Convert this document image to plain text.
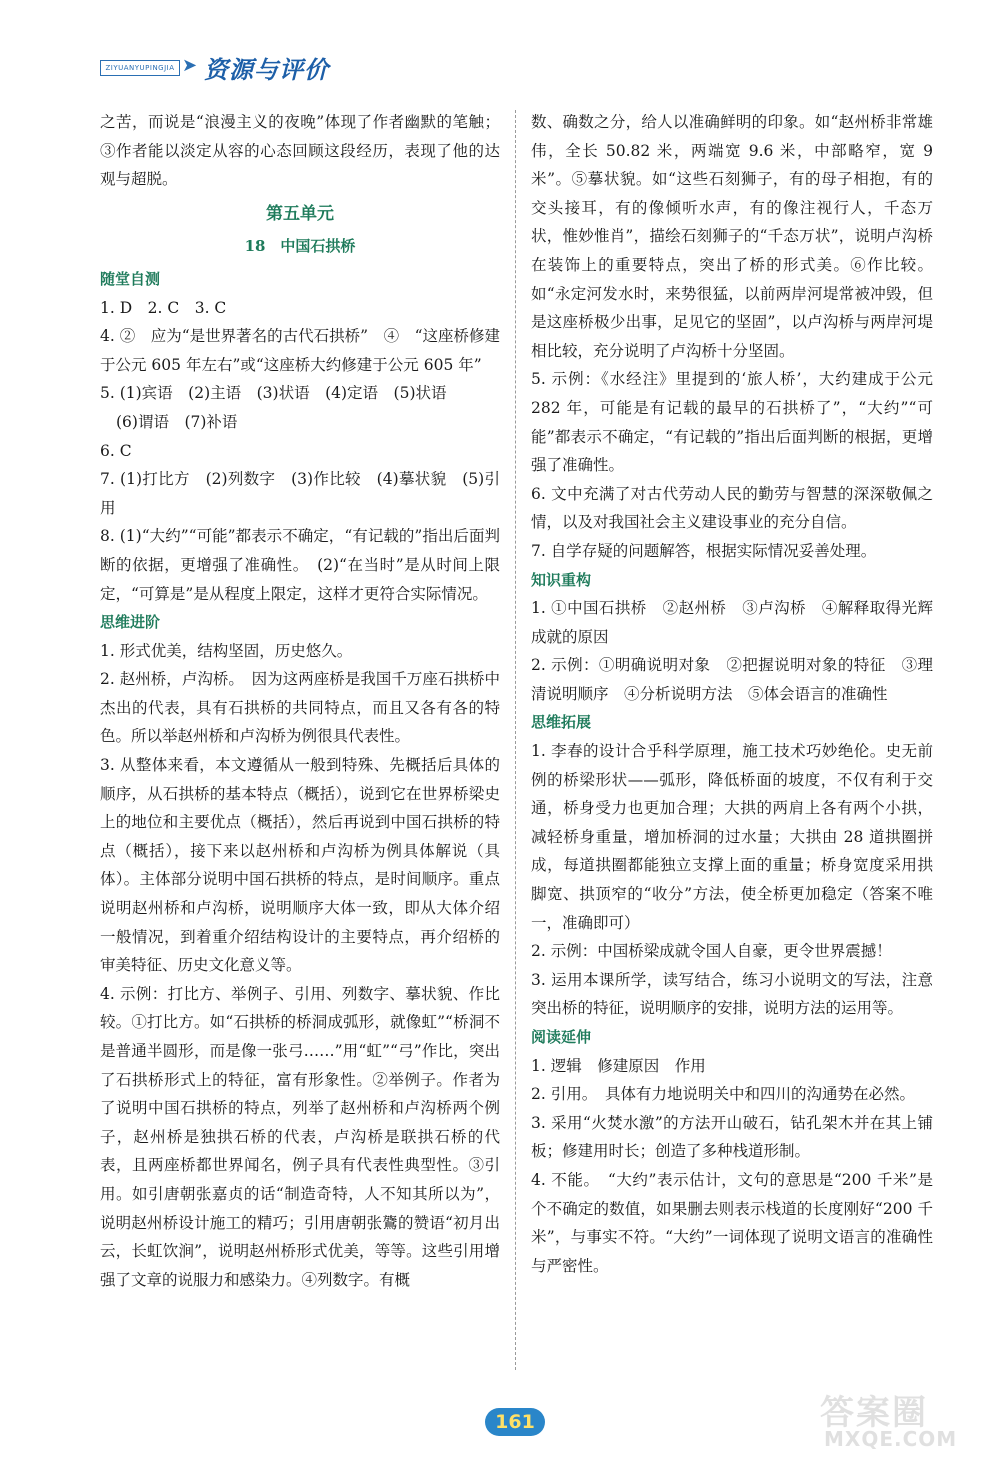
ZIYUANYUPINGJIA ➤ 资源与评价

之苦，而说是“浪漫主义的夜晚”体现了作者幽默的笔触；③作者能以淡定从容的心态回顾这段经历，表现了他的达观与超脱。

第五单元

18　中国石拱桥

随堂自测

1. D　2. C　3. C

4. ②　应为“是世界著名的古代石拱桥”　④　“这座桥修建于公元 605 年左右”或“这座桥大约修建于公元 605 年”

5. (1)宾语　(2)主语　(3)状语　(4)定语　(5)状语

(6)谓语　(7)补语

6. C

7. (1)打比方　(2)列数字　(3)作比较　(4)摹状貌　(5)引用

8. (1)“大约”“可能”都表示不确定，“有记载的”指出后面判断的依据，更增强了准确性。　(2)“在当时”是从时间上限定，“可算是”是从程度上限定，这样才更符合实际情况。

思维进阶

1. 形式优美，结构坚固，历史悠久。

2. 赵州桥，卢沟桥。　因为这两座桥是我国千万座石拱桥中杰出的代表，具有石拱桥的共同特点，而且又各有各的特色。所以举赵州桥和卢沟桥为例很具代表性。

3. 从整体来看，本文遵循从一般到特殊、先概括后具体的顺序，从石拱桥的基本特点（概括），说到它在世界桥梁史上的地位和主要优点（概括），然后再说到中国石拱桥的特点（概括），接下来以赵州桥和卢沟桥为例具体解说（具体）。主体部分说明中国石拱桥的特点，是时间顺序。重点说明赵州桥和卢沟桥，说明顺序大体一致，即从大体介绍一般情况，到着重介绍结构设计的主要特点，再介绍桥的审美特征、历史文化意义等。

4. 示例：打比方、举例子、引用、列数字、摹状貌、作比较。①打比方。如“石拱桥的桥洞成弧形，就像虹”“桥洞不是普通半圆形，而是像一张弓……”用“虹”“弓”作比，突出了石拱桥形式上的特征，富有形象性。②举例子。作者为了说明中国石拱桥的特点，列举了赵州桥和卢沟桥两个例子，赵州桥是独拱石桥的代表，卢沟桥是联拱石桥的代表，且两座桥都世界闻名，例子具有代表性典型性。③引用。如引唐朝张嘉贞的话“制造奇特，人不知其所以为”，说明赵州桥设计施工的精巧；引用唐朝张鷟的赞语“初月出云，长虹饮涧”，说明赵州桥形式优美，等等。这些引用增强了文章的说服力和感染力。④列数字。有概

数、确数之分，给人以准确鲜明的印象。如“赵州桥非常雄伟，全长 50.82 米，两端宽 9.6 米，中部略窄，宽 9 米”。⑤摹状貌。如“这些石刻狮子，有的母子相抱，有的交头接耳，有的像倾听水声，有的像注视行人，千态万状，惟妙惟肖”，描绘石刻狮子的“千态万状”，说明卢沟桥在装饰上的重要特点，突出了桥的形式美。⑥作比较。如“永定河发水时，来势很猛，以前两岸河堤常被冲毁，但是这座桥极少出事，足见它的坚固”，以卢沟桥与两岸河堤相比较，充分说明了卢沟桥十分坚固。

5. 示例：《水经注》里提到的‘旅人桥’，大约建成于公元 282 年，可能是有记载的最早的石拱桥了”，“大约”“可能”都表示不确定，“有记载的”指出后面判断的根据，更增强了准确性。

6. 文中充满了对古代劳动人民的勤劳与智慧的深深敬佩之情，以及对我国社会主义建设事业的充分自信。

7. 自学存疑的问题解答，根据实际情况妥善处理。

知识重构

1. ①中国石拱桥　②赵州桥　③卢沟桥　④解释取得光辉成就的原因

2. 示例：①明确说明对象　②把握说明对象的特征　③理清说明顺序　④分析说明方法　⑤体会语言的准确性

思维拓展

1. 李春的设计合乎科学原理，施工技术巧妙绝伦。史无前例的桥梁形状——弧形，降低桥面的坡度，不仅有利于交通，桥身受力也更加合理；大拱的两肩上各有两个小拱，减轻桥身重量，增加桥洞的过水量；大拱由 28 道拱圈拼成，每道拱圈都能独立支撑上面的重量；桥身宽度采用拱脚宽、拱顶窄的“收分”方法，使全桥更加稳定（答案不唯一，准确即可）

2. 示例：中国桥梁成就令国人自豪，更令世界震撼！

3. 运用本课所学，读写结合，练习小说明文的写法，注意突出桥的特征，说明顺序的安排，说明方法的运用等。

阅读延伸

1. 逻辑　修建原因　作用

2. 引用。　具体有力地说明关中和四川的沟通势在必然。

3. 采用“火焚水激”的方法开山破石，钻孔架木并在其上铺板；修建用时长；创造了多种栈道形制。

4. 不能。　“大约”表示估计，文句的意思是“200 千米”是个不确定的数值，如果删去则表示栈道的长度刚好“200 千米”，与事实不符。“大约”一词体现了说明文语言的准确性与严密性。

161	答案圈
MXQE.COM
